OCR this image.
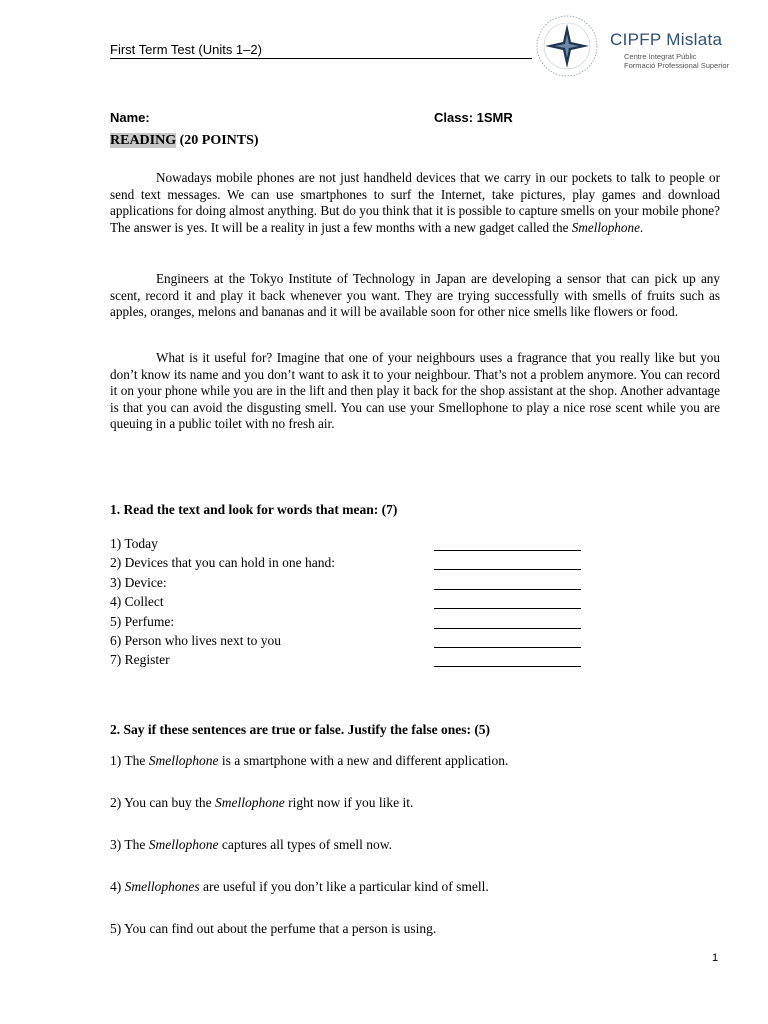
First Term Test (Units 1–2)
CIPFP Mislata
Centre Integrat Públic
Formació Professional Superior
Name:	Class: 1SMR
READING (20 POINTS)

Nowadays mobile phones are not just handheld devices that we carry in our pockets to talk to people or send text messages. We can use smartphones to surf the Internet, take pictures, play games and download applications for doing almost anything. But do you think that it is possible to capture smells on your mobile phone? The answer is yes. It will be a reality in just a few months with a new gadget called the Smellophone.

Engineers at the Tokyo Institute of Technology in Japan are developing a sensor that can pick up any scent, record it and play it back whenever you want. They are trying successfully with smells of fruits such as apples, oranges, melons and bananas and it will be available soon for other nice smells like flowers or food.

What is it useful for? Imagine that one of your neighbours uses a fragrance that you really like but you don’t know its name and you don’t want to ask it to your neighbour. That’s not a problem anymore. You can record it on your phone while you are in the lift and then play it back for the shop assistant at the shop. Another advantage is that you can avoid the disgusting smell. You can use your Smellophone to play a nice rose scent while you are queuing in a public toilet with no fresh air.

1. Read the text and look for words that mean: (7)
1) Today
2) Devices that you can hold in one hand:
3) Device:
4) Collect
5) Perfume:
6) Person who lives next to you
7) Register
2. Say if these sentences are true or false. Justify the false ones: (5)
1) The Smellophone is a smartphone with a new and different application.
2) You can buy the Smellophone right now if you like it.
3) The Smellophone captures all types of smell now.
4) Smellophones are useful if you don’t like a particular kind of smell.
5) You can find out about the perfume that a person is using.
1
